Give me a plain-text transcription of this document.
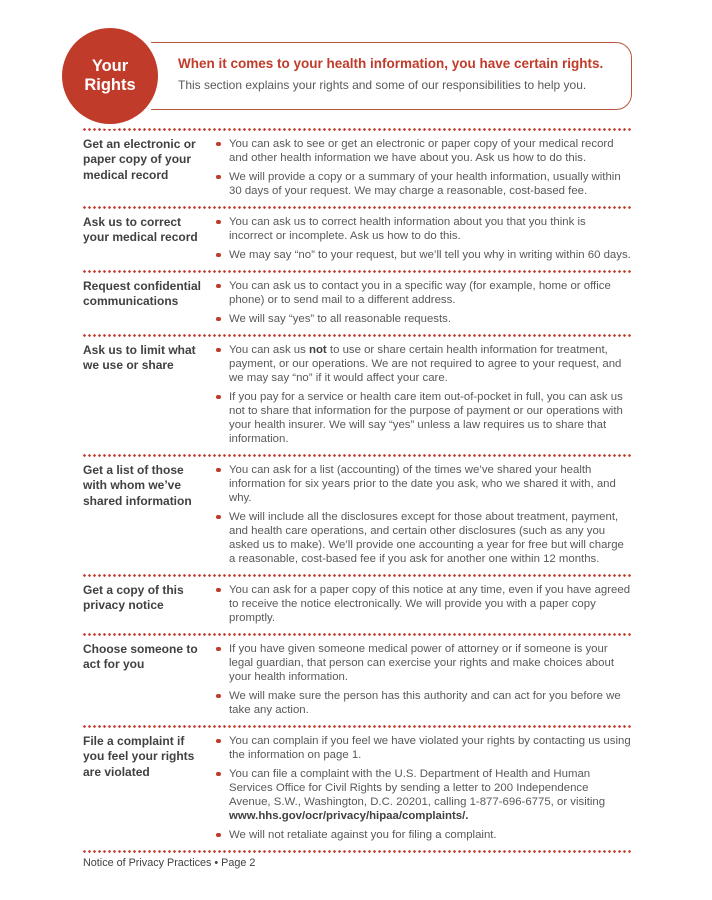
Your
Rights
When it comes to your health information, you have certain rights.
This section explains your rights and some of our responsibilities to help you.
Get an electronic or paper copy of your medical record
You can ask to see or get an electronic or paper copy of your medical record and other health information we have about you. Ask us how to do this.
We will provide a copy or a summary of your health information, usually within 30 days of your request. We may charge a reasonable, cost-based fee.
Ask us to correct your medical record
You can ask us to correct health information about you that you think is incorrect or incomplete. Ask us how to do this.
We may say “no” to your request, but we’ll tell you why in writing within 60 days.
Request confidential communications
You can ask us to contact you in a specific way (for example, home or office phone) or to send mail to a different address.
We will say “yes” to all reasonable requests.
Ask us to limit what we use or share
You can ask us not to use or share certain health information for treatment, payment, or our operations. We are not required to agree to your request, and we may say “no” if it would affect your care.
If you pay for a service or health care item out-of-pocket in full, you can ask us not to share that information for the purpose of payment or our operations with your health insurer. We will say “yes” unless a law requires us to share that information.
Get a list of those with whom we’ve shared information
You can ask for a list (accounting) of the times we’ve shared your health information for six years prior to the date you ask, who we shared it with, and why.
We will include all the disclosures except for those about treatment, payment, and health care operations, and certain other disclosures (such as any you asked us to make). We’ll provide one accounting a year for free but will charge a reasonable, cost-based fee if you ask for another one within 12 months.
Get a copy of this privacy notice
You can ask for a paper copy of this notice at any time, even if you have agreed to receive the notice electronically. We will provide you with a paper copy promptly.
Choose someone to act for you
If you have given someone medical power of attorney or if someone is your legal guardian, that person can exercise your rights and make choices about your health information.
We will make sure the person has this authority and can act for you before we take any action.
File a complaint if you feel your rights are violated
You can complain if you feel we have violated your rights by contacting us using the information on page 1.
You can file a complaint with the U.S. Department of Health and Human Services Office for Civil Rights by sending a letter to 200 Independence Avenue, S.W., Washington, D.C. 20201, calling 1-877-696-6775, or visiting www.hhs.gov/ocr/privacy/hipaa/complaints/.
We will not retaliate against you for filing a complaint.
Notice of Privacy Practices • Page 2
